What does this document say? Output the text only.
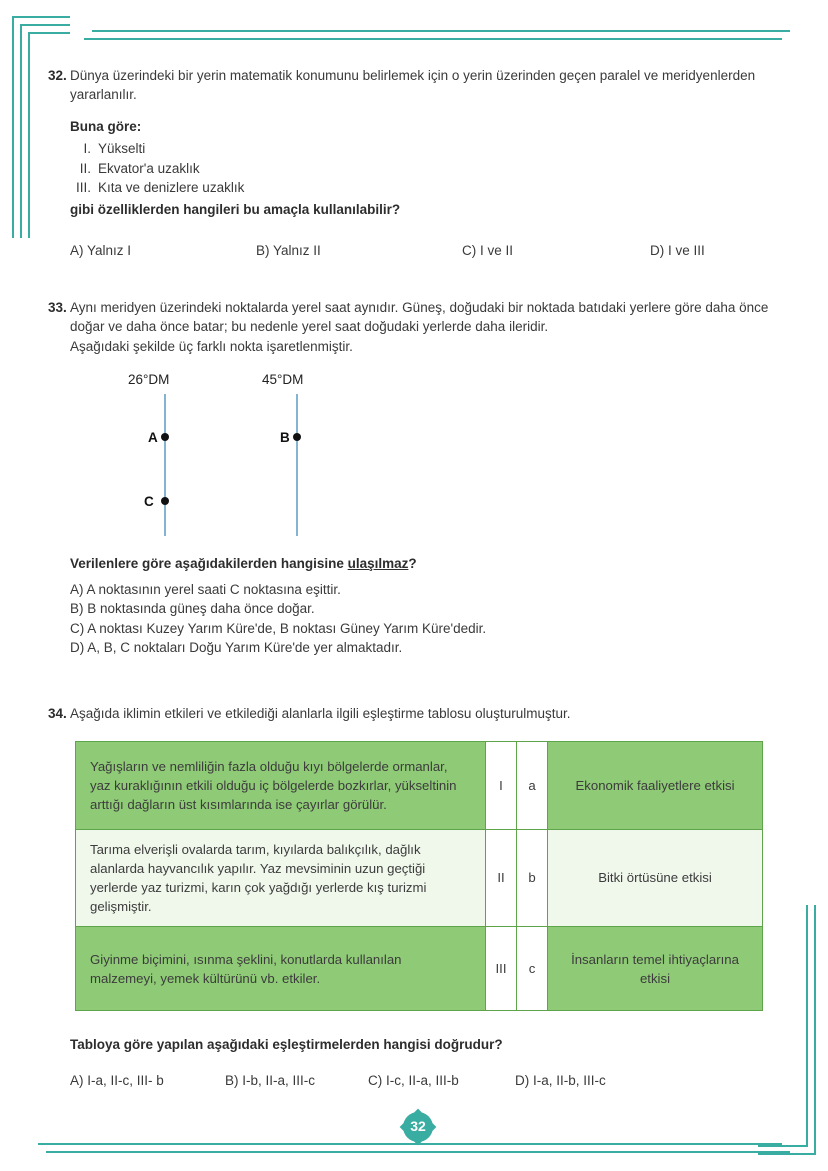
32. Dünya üzerindeki bir yerin matematik konumunu belirlemek için o yerin üzerinden geçen paralel ve meridyenlerden yararlanılır.

Buna göre:

I. Yükselti
II. Ekvator'a uzaklık
III. Kıta ve denizlere uzaklık

gibi özelliklerden hangileri bu amaçla kullanılabilir?

A) Yalnız I	B) Yalnız II	C) I ve II	D) I ve III
33. Aynı meridyen üzerindeki noktalarda yerel saat aynıdır. Güneş, doğudaki bir noktada batıdaki yerlere göre daha önce doğar ve daha önce batar; bu nedenle yerel saat doğudaki yerlerde daha ileridir.

Aşağıdaki şekilde üç farklı nokta işaretlenmiştir.

26°DM	45°DM
A	B
C

Verilenlere göre aşağıdakilerden hangisine ulaşılmaz?

A) A noktasının yerel saati C noktasına eşittir.

B) B noktasında güneş daha önce doğar.

C) A noktası Kuzey Yarım Küre'de, B noktası Güney Yarım Küre'dedir.

D) A, B, C noktaları Doğu Yarım Küre'de yer almaktadır.

34. Aşağıda iklimin etkileri ve etkilediği alanlarla ilgili eşleştirme tablosu oluşturulmuştur.

Yağışların ve nemliliğin fazla olduğu kıyı bölgelerde ormanlar, yaz kuraklığının etkili olduğu iç bölgelerde bozkırlar, yükseltinin arttığı dağların üst kısımlarında ise çayırlar görülür.	I	a	Ekonomik faaliyetlere etkisi
Tarıma elverişli ovalarda tarım, kıyılarda balıkçılık, dağlık alanlarda hayvancılık yapılır. Yaz mevsiminin uzun geçtiği yerlerde yaz turizmi, karın çok yağdığı yerlerde kış turizmi gelişmiştir.	II	b	Bitki örtüsüne etkisi
Giyinme biçimini, ısınma şeklini, konutlarda kullanılan malzemeyi, yemek kültürünü vb. etkiler.	III	c	İnsanların temel ihtiyaçlarına etkisi

Tabloya göre yapılan aşağıdaki eşleştirmelerden hangisi doğrudur?

A) I-a, II-c, III- b	B) I-b, II-a, III-c	C) I-c, II-a, III-b	D) I-a, II-b, III-c
32
